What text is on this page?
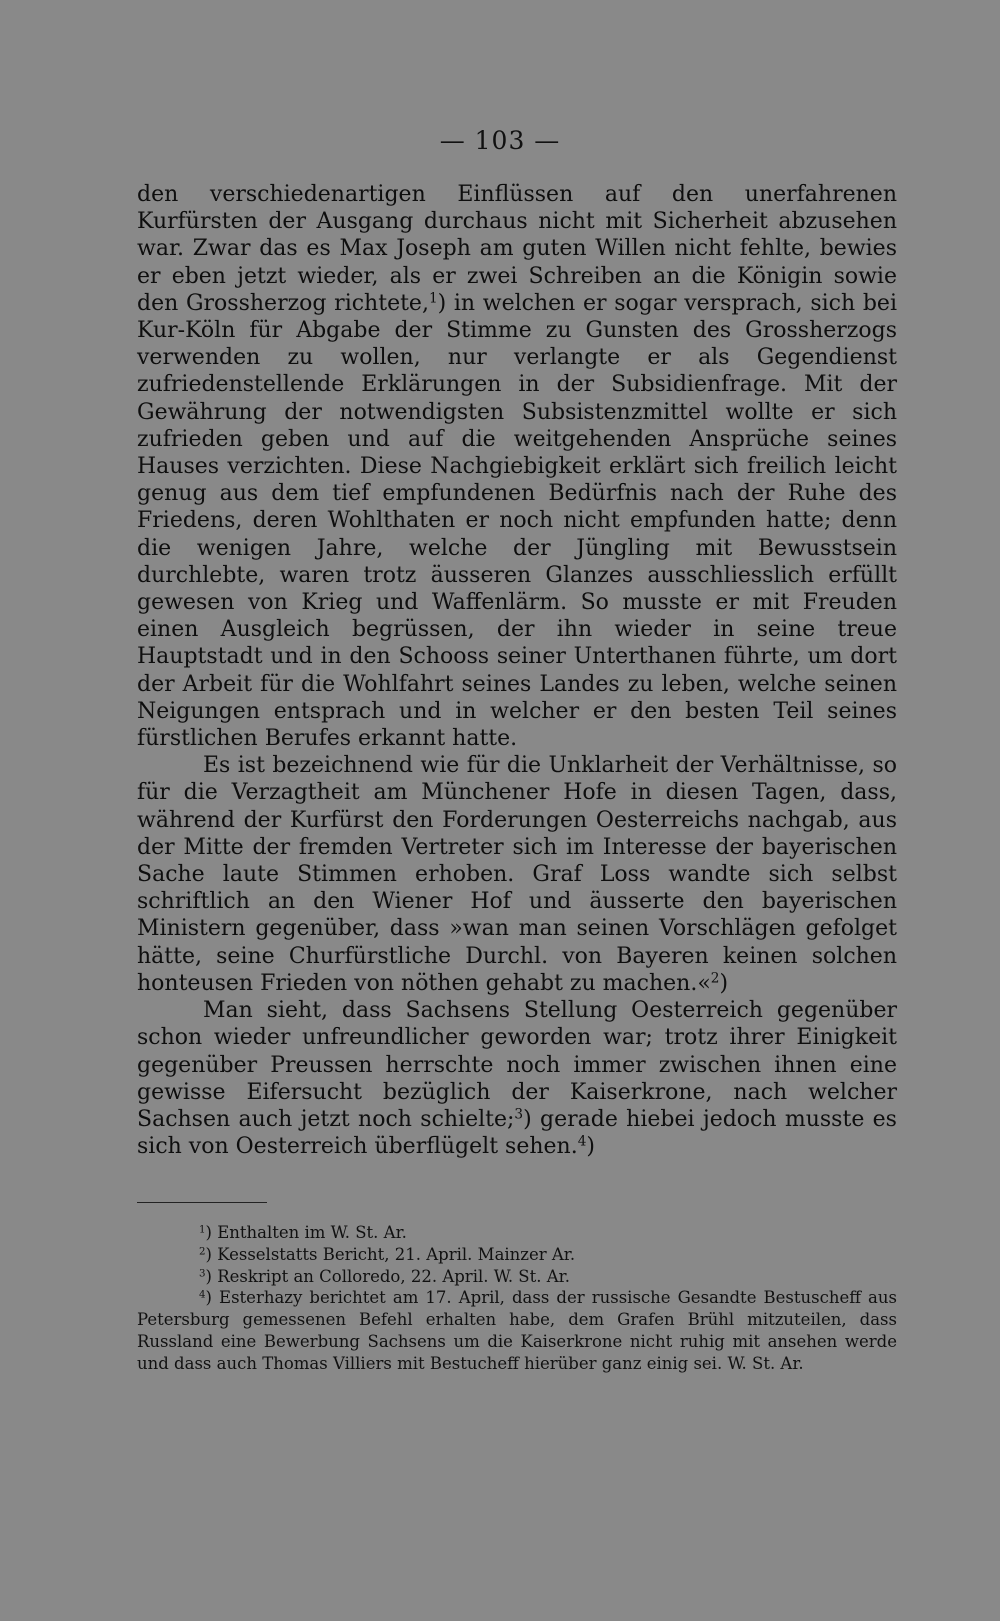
— 103 —

den verschiedenartigen Einflüssen auf den unerfahrenen Kurfürsten der Ausgang durchaus nicht mit Sicherheit abzusehen war. Zwar das es Max Joseph am guten Willen nicht fehlte, bewies er eben jetzt wieder, als er zwei Schreiben an die Königin sowie den Grossherzog richtete,$^1$) in welchen er sogar versprach, sich bei Kur-Köln für Abgabe der Stimme zu Gunsten des Grossherzogs verwenden zu wollen, nur verlangte er als Gegendienst zufriedenstellende Erklärungen in der Subsidienfrage. Mit der Gewährung der notwendigsten Subsistenzmittel wollte er sich zufrieden geben und auf die weitgehenden Ansprüche seines Hauses verzichten. Diese Nachgiebigkeit erklärt sich freilich leicht genug aus dem tief empfundenen Bedürfnis nach der Ruhe des Friedens, deren Wohlthaten er noch nicht empfunden hatte; denn die wenigen Jahre, welche der Jüngling mit Bewusstsein durchlebte, waren trotz äusseren Glanzes ausschliesslich erfüllt gewesen von Krieg und Waffenlärm. So musste er mit Freuden einen Ausgleich begrüssen, der ihn wieder in seine treue Hauptstadt und in den Schooss seiner Unterthanen führte, um dort der Arbeit für die Wohlfahrt seines Landes zu leben, welche seinen Neigungen entsprach und in welcher er den besten Teil seines fürstlichen Berufes erkannt hatte.

Es ist bezeichnend wie für die Unklarheit der Verhältnisse, so für die Verzagtheit am Münchener Hofe in diesen Tagen, dass, während der Kurfürst den Forderungen Oesterreichs nachgab, aus der Mitte der fremden Vertreter sich im Interesse der bayerischen Sache laute Stimmen erhoben. Graf Loss wandte sich selbst schriftlich an den Wiener Hof und äusserte den bayerischen Ministern gegenüber, dass »wan man seinen Vorschlägen gefolget hätte, seine Churfürstliche Durchl. von Bayeren keinen solchen honteusen Frieden von nöthen gehabt zu machen.«$^2$)

Man sieht, dass Sachsens Stellung Oesterreich gegenüber schon wieder unfreundlicher geworden war; trotz ihrer Einigkeit gegenüber Preussen herrschte noch immer zwischen ihnen eine gewisse Eifersucht bezüglich der Kaiserkrone, nach welcher Sachsen auch jetzt noch schielte;$^3$) gerade hiebei jedoch musste es sich von Oesterreich überflügelt sehen.$^4$)

$^1$) Enthalten im W. St. Ar.

$^2$) Kesselstatts Bericht, 21. April. Mainzer Ar.

$^3$) Reskript an Colloredo, 22. April. W. St. Ar.

$^4$) Esterhazy berichtet am 17. April, dass der russische Gesandte Bestuscheff aus Petersburg gemessenen Befehl erhalten habe, dem Grafen Brühl mitzuteilen, dass Russland eine Bewerbung Sachsens um die Kaiserkrone nicht ruhig mit ansehen werde und dass auch Thomas Villiers mit Bestucheff hierüber ganz einig sei. W. St. Ar.
